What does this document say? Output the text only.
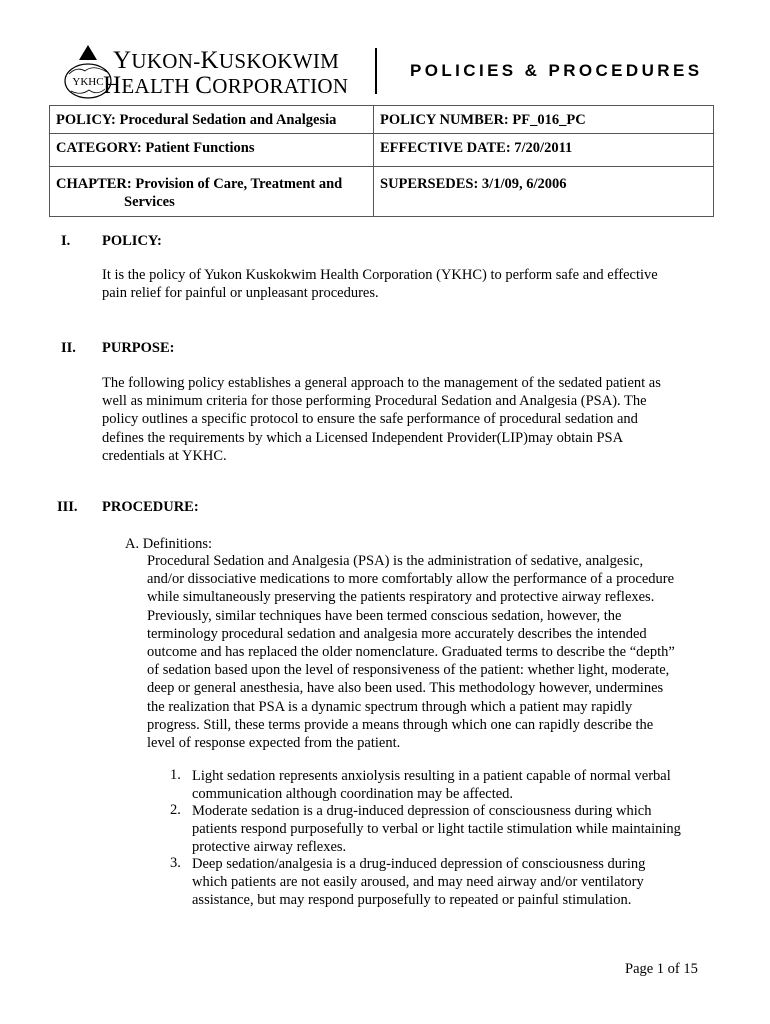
YKHC
YUKON-KUSKOKWIM
HEALTH CORPORATION
POLICIES & PROCEDURES
POLICY: Procedural Sedation and Analgesia	POLICY NUMBER: PF_016_PC
CATEGORY: Patient Functions	EFFECTIVE DATE: 7/20/2011
CHAPTER: Provision of Care, Treatment and
Services	SUPERSEDES: 3/1/09, 6/2006
I. POLICY:
It is the policy of Yukon Kuskokwim Health Corporation (YKHC) to perform safe and effective
pain relief for painful or unpleasant procedures.
II. PURPOSE:
The following policy establishes a general approach to the management of the sedated patient as
well as minimum criteria for those performing Procedural Sedation and Analgesia (PSA). The
policy outlines a specific protocol to ensure the safe performance of procedural sedation and
defines the requirements by which a Licensed Independent Provider(LIP)may obtain PSA
credentials at YKHC.
III. PROCEDURE:
A. Definitions:
Procedural Sedation and Analgesia (PSA) is the administration of sedative, analgesic,
and/or dissociative medications to more comfortably allow the performance of a procedure
while simultaneously preserving the patients respiratory and protective airway reflexes.
Previously, similar techniques have been termed conscious sedation, however, the
terminology procedural sedation and analgesia more accurately describes the intended
outcome and has replaced the older nomenclature. Graduated terms to describe the “depth”
of sedation based upon the level of responsiveness of the patient: whether light, moderate,
deep or general anesthesia, have also been used. This methodology however, undermines
the realization that PSA is a dynamic spectrum through which a patient may rapidly
progress. Still, these terms provide a means through which one can rapidly describe the
level of response expected from the patient.
1. Light sedation represents anxiolysis resulting in a patient capable of normal verbal
communication although coordination may be affected.
2. Moderate sedation is a drug-induced depression of consciousness during which
patients respond purposefully to verbal or light tactile stimulation while maintaining
protective airway reflexes.
3. Deep sedation/analgesia is a drug-induced depression of consciousness during
which patients are not easily aroused, and may need airway and/or ventilatory
assistance, but may respond purposefully to repeated or painful stimulation.
Page 1 of 15
